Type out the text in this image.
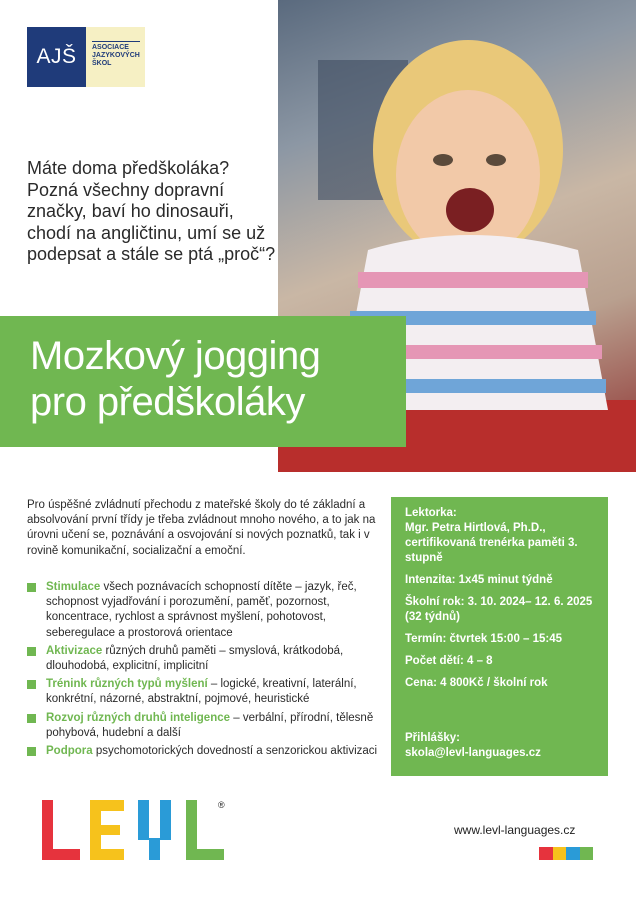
AJŠ	ASOCIACE
JAZYKOVÝCH
ŠKOL
Máte doma předškoláka? Pozná všechny dopravní značky, baví ho dinosauři, chodí na angličtinu, umí se už podepsat a stále se ptá „proč“?
Mozkový jogging
pro předškoláky
Pro úspěšné zvládnutí přechodu z mateřské školy do té základní a absolvování první třídy je třeba zvládnout mnoho nového, a to jak na úrovni učení se, poznávání a osvojování si nových poznatků, tak i v rovině komunikační, socializační a emoční.
Stimulace všech poznávacích schopností dítěte – jazyk, řeč, schopnost vyjadřování i porozumění, paměť, pozornost, koncentrace, rychlost a správnost myšlení, pohotovost, seberegulace a prostorová orientace
Aktivizace různých druhů paměti – smyslová, krátkodobá, dlouhodobá, explicitní, implicitní
Trénink různých typů myšlení – logické, kreativní, laterální, konkrétní, názorné, abstraktní, pojmové, heuristické
Rozvoj různých druhů inteligence – verbální, přírodní, tělesně pohybová, hudební a další
Podpora psychomotorických dovedností a senzorickou aktivizaci

Lektorka:
Mgr. Petra Hirtlová, Ph.D., certifikovaná trenérka paměti 3. stupně

Intenzita: 1x45 minut týdně

Školní rok: 3. 10. 2024– 12. 6. 2025 (32 týdnů)

Termín: čtvrtek 15:00 – 15:45

Počet dětí: 4 – 8

Cena: 4 800Kč / školní rok

Přihlášky:
skola@levl-languages.cz

®
www.levl-languages.cz
